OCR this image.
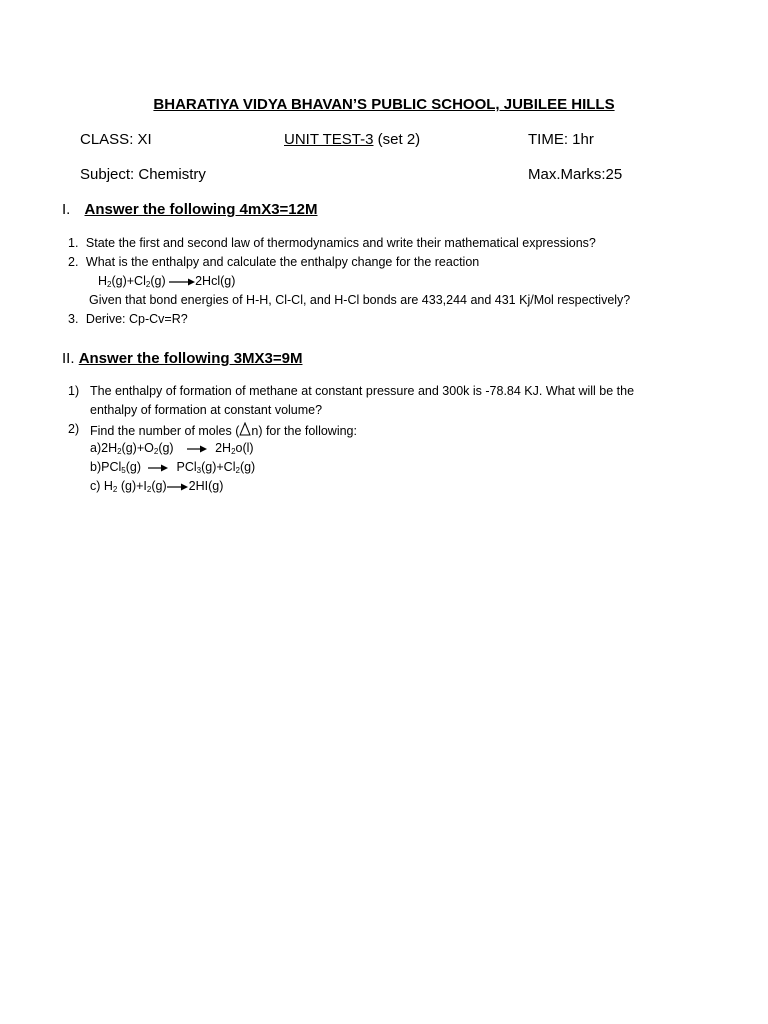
BHARATIYA VIDYA BHAVAN’S PUBLIC SCHOOL, JUBILEE HILLS
CLASS: XI	UNIT TEST-3 (set 2)	TIME: 1hr
Subject: Chemistry	Max.Marks:25
I. Answer the following 4mX3=12M
1. State the first and second law of thermodynamics and write their mathematical expressions?
2. What is the enthalpy and calculate the enthalpy change for the reaction
$H_2(g)+Cl_2(g)$ 2Hcl(g)
Given that bond energies of H-H, Cl-Cl, and H-Cl bonds are 433,244 and 431 Kj/Mol respectively?
3. Derive: Cp-Cv=R?
II. Answer the following 3MX3=9M
1) The enthalpy of formation of methane at constant pressure and 300k is -78.84 KJ. What will be the
enthalpy of formation at constant volume?
2) Find the number of moles ( n) for the following:
$a)2H_2(g)+O_2(g)$	$2H_2o(l)$
b)PCl$_5$(g)	$PCl_3(g)+Cl_2(g)$
c) $H_2$ $(g)+I_2(g)$ 2HI(g)
